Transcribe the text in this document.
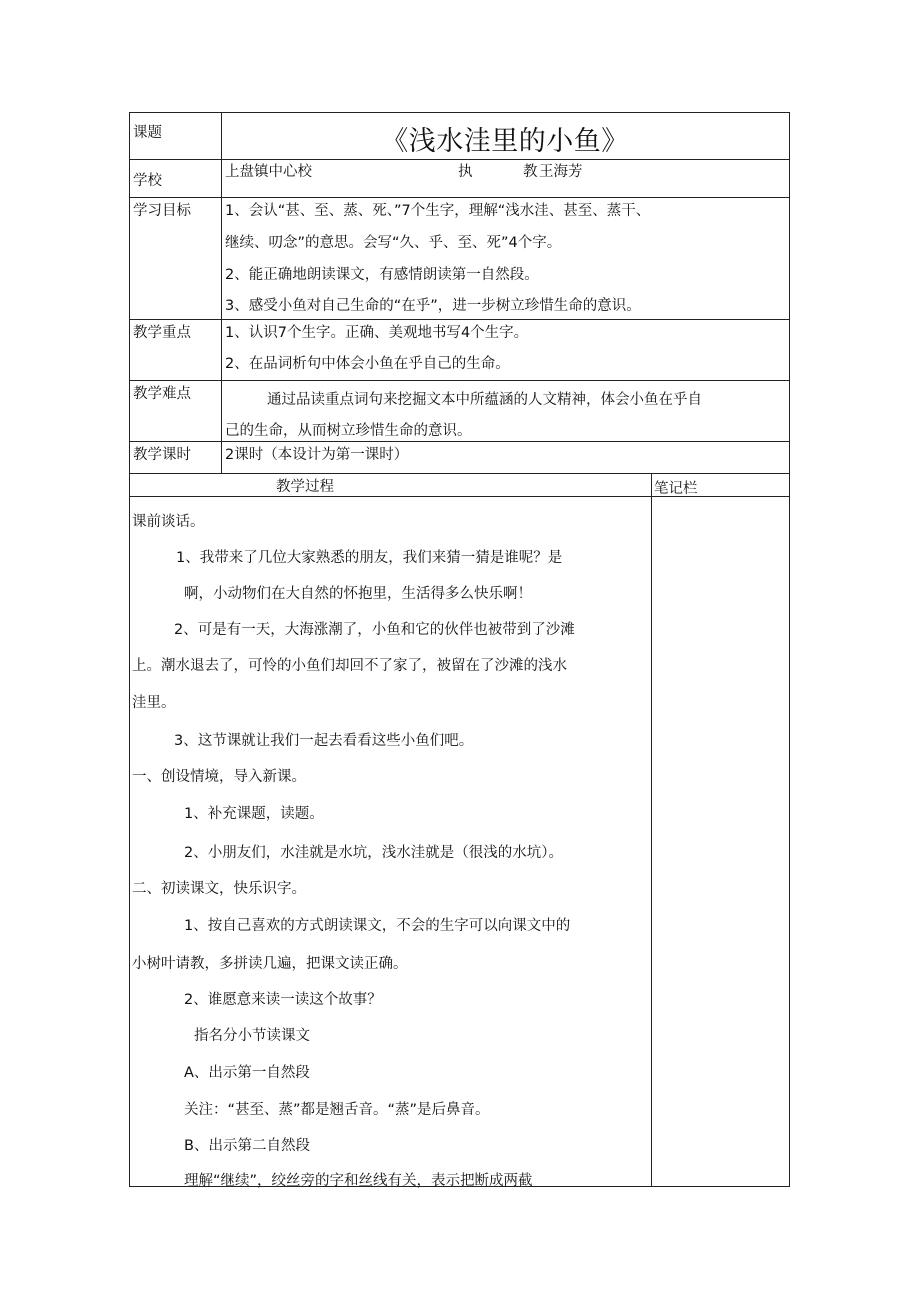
课题	《浅水洼里的小鱼》
学校
上盘镇中心校	执	教 王海芳
学习目标 1、会认“甚、至、蒸、死、”7个生字，理解“浅水洼、甚至、蒸干、
继续、叨念”的意思。会写“久、乎、至、死”4个字。
2、能正确地朗读课文，有感情朗读第一自然段。
3、感受小鱼对自己生命的“在乎”，进一步树立珍惜生命的意识。
教学重点 1、认识7个生字。正确、美观地书写4个生字。
2、在品词析句中体会小鱼在乎自己的生命。
教学难点	通过品读重点词句来挖掘文本中所蕴涵的人文精神，体会小鱼在乎自
己的生命，从而树立珍惜生命的意识。
教学课时 2课时（本设计为第一课时）
教学过程	笔记栏
课前谈话。
1、我带来了几位大家熟悉的朋友，我们来猜一猜是谁呢？是
啊，小动物们在大自然的怀抱里，生活得多么快乐啊！
2、可是有一天，大海涨潮了，小鱼和它的伙伴也被带到了沙滩
上。潮水退去了，可怜的小鱼们却回不了家了，被留在了沙滩的浅水
洼里。
3、这节课就让我们一起去看看这些小鱼们吧。
一、创设情境，导入新课。
1、补充课题，读题。
2、小朋友们，水洼就是水坑，浅水洼就是（很浅的水坑）。
二、初读课文，快乐识字。
1、按自己喜欢的方式朗读课文，不会的生字可以向课文中的
小树叶请教，多拼读几遍，把课文读正确。
2、谁愿意来读一读这个故事？
指名分小节读课文
A、出示第一自然段
关注：“甚至、蒸”都是翘舌音。“蒸”是后鼻音。
B、出示第二自然段
理解“继续”，绞丝旁的字和丝线有关，表示把断成两截
